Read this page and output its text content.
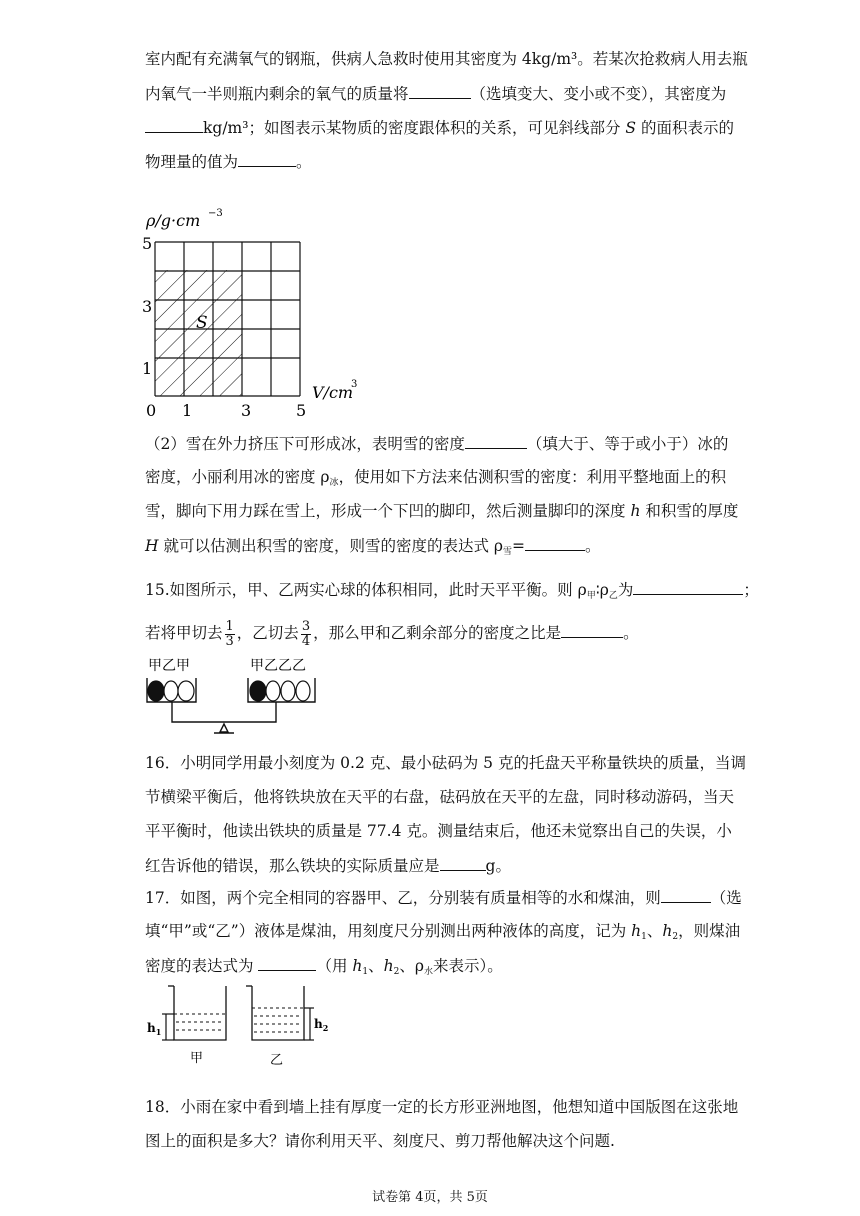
室内配有充满氧气的钢瓶，供病人急救时使用其密度为 4kg/m³。若某次抢救病人用去瓶
内氧气一半则瓶内剩余的氧气的质量将	（选填变大、变小或不变），其密度为
kg/m³；如图表示某物质的密度跟体积的关系，可见斜线部分 S 的面积表示的
物理量的值为	。
ρ/g·cm −3
S
5
3
1
0 1	3	5
V/cm
3
（2）雪在外力挤压下可形成冰，表明雪的密度	（填大于、等于或小于）冰的
密度，小丽利用冰的密度 $\rho_冰$，使用如下方法来估测积雪的密度：利用平整地面上的积
雪，脚向下用力踩在雪上，形成一个下凹的脚印，然后测量脚印的深度 h 和积雪的厚度
H 就可以估测出积雪的密度，则雪的密度的表达式 $\rho_雪=$	。
15.如图所示，甲、乙两实心球的体积相同，此时天平平衡。则 $\rho_甲∶\rho_乙$为	；
若将甲切去 $\frac{1}{3}$ ，乙切去 $\frac{3}{4}$ ，那么甲和乙剩余部分的密度之比是	。
甲乙甲	甲乙乙乙
16．小明同学用最小刻度为 0.2 克、最小砝码为 5 克的托盘天平称量铁块的质量，当调
节横梁平衡后，他将铁块放在天平的右盘，砝码放在天平的左盘，同时移动游码，当天
平平衡时，他读出铁块的质量是 77.4 克。测量结束后，他还未觉察出自己的失误，小
红告诉他的错误，那么铁块的实际质量应是	g。
17．如图，两个完全相同的容器甲、乙，分别装有质量相等的水和煤油，则	（选
填“甲”或“乙”）液体是煤油，用刻度尺分别测出两种液体的高度，记为 $h_1$、$h_2$，则煤油
密度的表达式为	（用 $h_1$、$h_2$、$\rho_水$来表示）。
$h_1$
$h_2$
甲	乙
18．小雨在家中看到墙上挂有厚度一定的长方形亚洲地图，他想知道中国版图在这张地
图上的面积是多大？请你利用天平、刻度尺、剪刀帮他解决这个问题.
试卷第 4页，共 5页
